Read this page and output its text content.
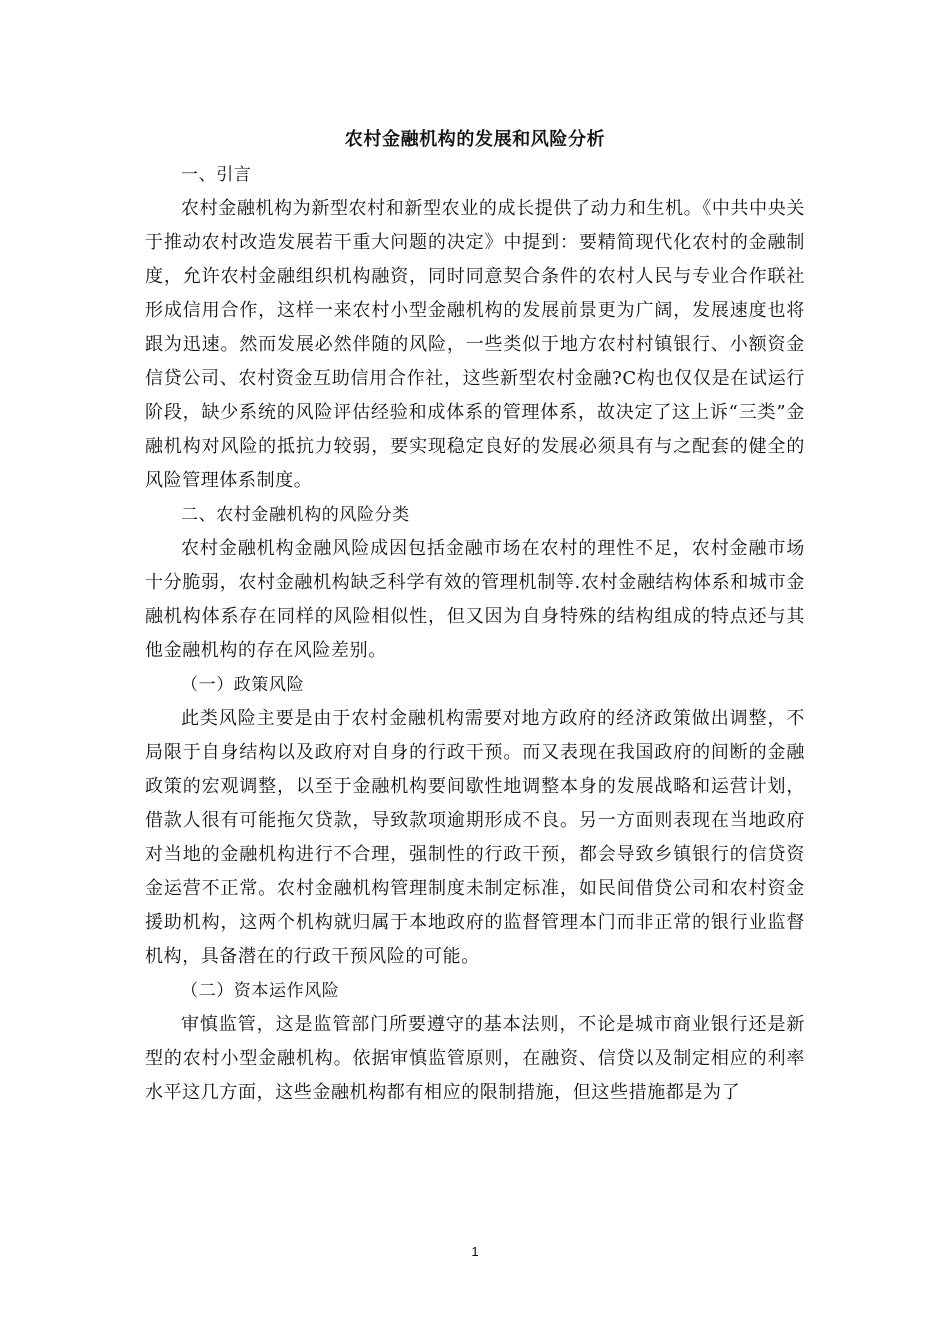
农村金融机构的发展和风险分析

一、引言

农村金融机构为新型农村和新型农业的成长提供了动力和生机。《中共中央关于推动农村改造发展若干重大问题的决定》中提到：要精简现代化农村的金融制度，允许农村金融组织机构融资，同时同意契合条件的农村人民与专业合作联社形成信用合作，这样一来农村小型金融机构的发展前景更为广阔，发展速度也将跟为迅速。然而发展必然伴随的风险，一些类似于地方农村村镇银行、小额资金信贷公司、农村资金互助信用合作社，这些新型农村金融?C构也仅仅是在试运行阶段，缺少系统的风险评估经验和成体系的管理体系，故决定了这上诉“三类”金融机构对风险的抵抗力较弱，要实现稳定良好的发展必须具有与之配套的健全的风险管理体系制度。

二、农村金融机构的风险分类

农村金融机构金融风险成因包括金融市场在农村的理性不足，农村金融市场十分脆弱，农村金融机构缺乏科学有效的管理机制等.农村金融结构体系和城市金融机构体系存在同样的风险相似性，但又因为自身特殊的结构组成的特点还与其他金融机构的存在风险差别。

（一）政策风险

此类风险主要是由于农村金融机构需要对地方政府的经济政策做出调整，不局限于自身结构以及政府对自身的行政干预。而又表现在我国政府的间断的金融政策的宏观调整，以至于金融机构要间歇性地调整本身的发展战略和运营计划，借款人很有可能拖欠贷款，导致款项逾期形成不良。另一方面则表现在当地政府对当地的金融机构进行不合理，强制性的行政干预，都会导致乡镇银行的信贷资金运营不正常。农村金融机构管理制度未制定标准，如民间借贷公司和农村资金援助机构，这两个机构就归属于本地政府的监督管理本门而非正常的银行业监督机构，具备潜在的行政干预风险的可能。

（二）资本运作风险

审慎监管，这是监管部门所要遵守的基本法则，不论是城市商业银行还是新型的农村小型金融机构。依据审慎监管原则，在融资、信贷以及制定相应的利率水平这几方面，这些金融机构都有相应的限制措施，但这些措施都是为了

1
